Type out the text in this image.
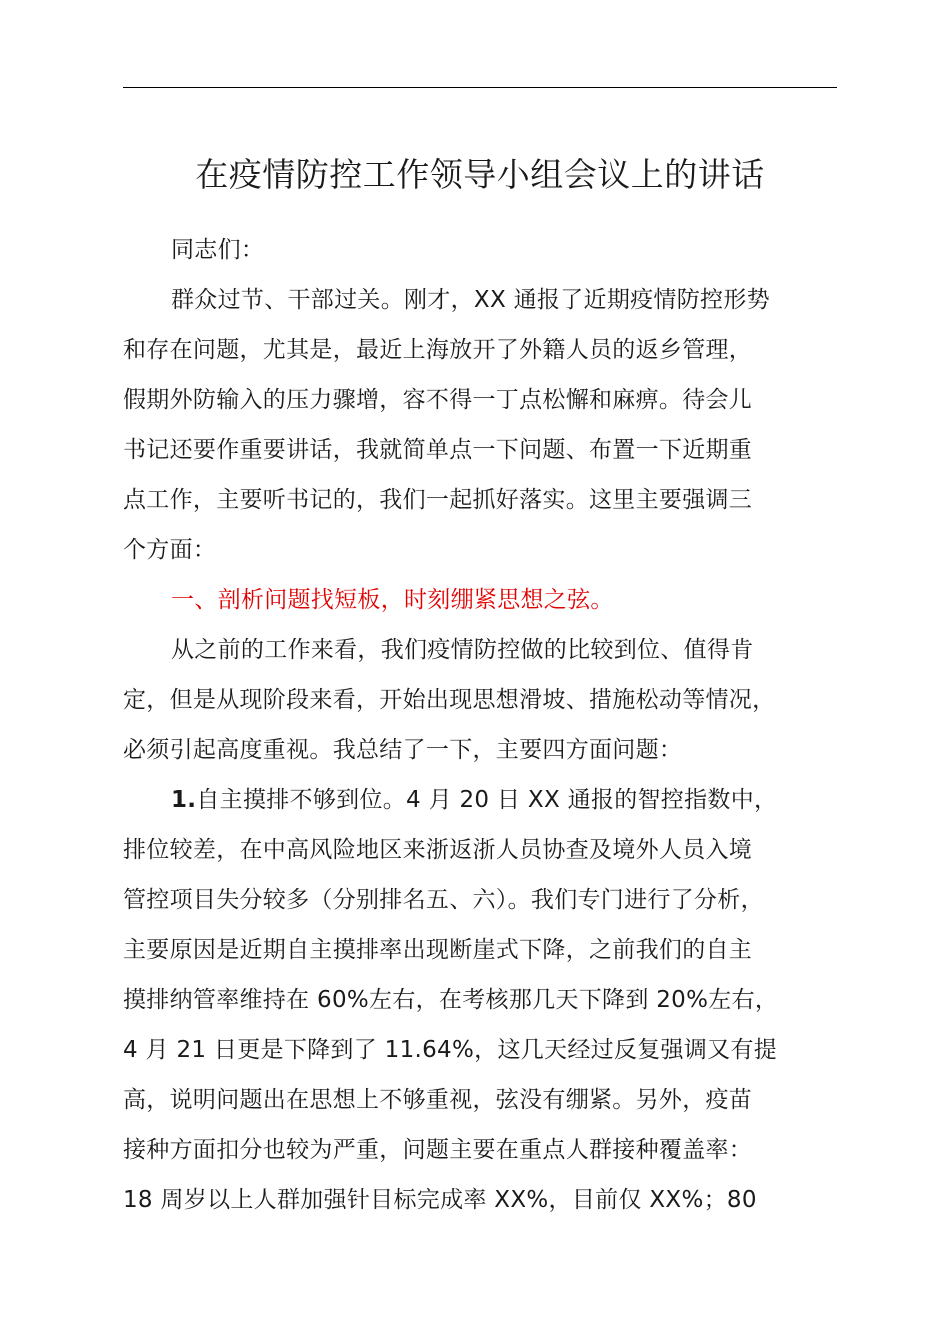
在疫情防控工作领导小组会议上的讲话
同志们：
群众过节、干部过关。刚才，XX 通报了近期疫情防控形势
和存在问题，尤其是，最近上海放开了外籍人员的返乡管理，
假期外防输入的压力骤增，容不得一丁点松懈和麻痹。待会儿
书记还要作重要讲话，我就简单点一下问题、布置一下近期重
点工作，主要听书记的，我们一起抓好落实。这里主要强调三
个方面：
一、剖析问题找短板，时刻绷紧思想之弦。
从之前的工作来看，我们疫情防控做的比较到位、值得肯
定，但是从现阶段来看，开始出现思想滑坡、措施松动等情况，
必须引起高度重视。我总结了一下，主要四方面问题：
1.自主摸排不够到位。4 月 20 日 XX 通报的智控指数中，
排位较差，在中高风险地区来浙返浙人员协查及境外人员入境
管控项目失分较多（分别排名五、六）。我们专门进行了分析，
主要原因是近期自主摸排率出现断崖式下降，之前我们的自主
摸排纳管率维持在 60%左右，在考核那几天下降到 20%左右，
4 月 21 日更是下降到了 11.64%，这几天经过反复强调又有提
高，说明问题出在思想上不够重视，弦没有绷紧。另外，疫苗
接种方面扣分也较为严重，问题主要在重点人群接种覆盖率：
18 周岁以上人群加强针目标完成率 XX%，目前仅 XX%；80
